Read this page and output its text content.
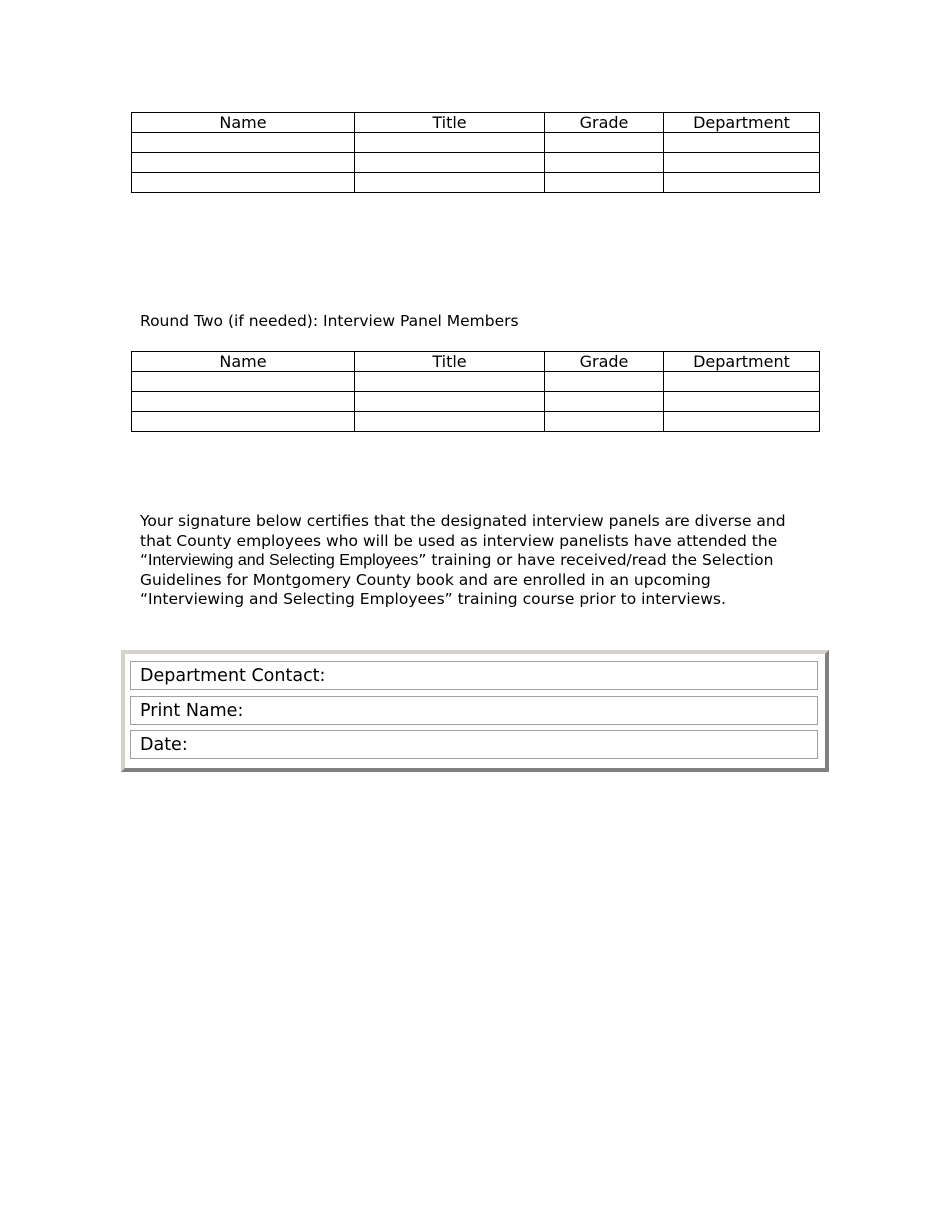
Name	Title	Grade	Department

Round Two (if needed): Interview Panel Members

Name	Title	Grade	Department

Your signature below certifies that the designated interview panels are diverse and that County employees who will be used as interview panelists have attended the “Interviewing and Selecting Employees” training or have received/read the Selection Guidelines for Montgomery County book and are enrolled in an upcoming “Interviewing and Selecting Employees” training course prior to interviews.

Department Contact:
Print Name:
Date:
